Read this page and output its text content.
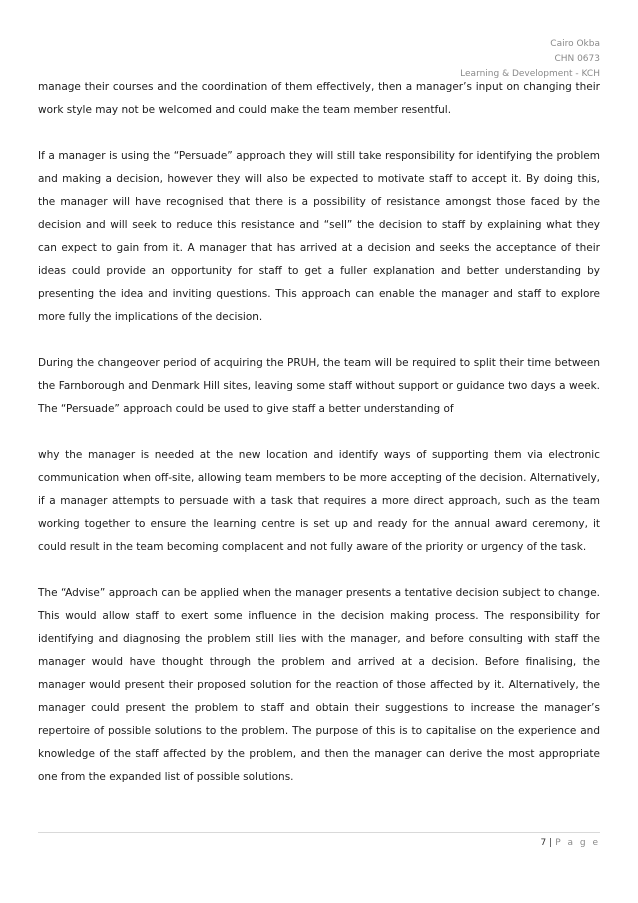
Cairo Okba
CHN 0673
Learning & Development - KCH

manage their courses and the coordination of them effectively, then a manager’s input on changing their work style may not be welcomed and could make the team member resentful.

If a manager is using the “Persuade” approach they will still take responsibility for identifying the problem and making a decision, however they will also be expected to motivate staff to accept it. By doing this, the manager will have recognised that there is a possibility of resistance amongst those faced by the decision and will seek to reduce this resistance and “sell” the decision to staff by explaining what they can expect to gain from it. A manager that has arrived at a decision and seeks the acceptance of their ideas could provide an opportunity for staff to get a fuller explanation and better understanding by presenting the idea and inviting questions. This approach can enable the manager and staff to explore more fully the implications of the decision.

During the changeover period of acquiring the PRUH, the team will be required to split their time between the Farnborough and Denmark Hill sites, leaving some staff without support or guidance two days a week. The “Persuade” approach could be used to give staff a better understanding of

why the manager is needed at the new location and identify ways of supporting them via electronic communication when off-site, allowing team members to be more accepting of the decision. Alternatively, if a manager attempts to persuade with a task that requires a more direct approach, such as the team working together to ensure the learning centre is set up and ready for the annual award ceremony, it could result in the team becoming complacent and not fully aware of the priority or urgency of the task.

The “Advise” approach can be applied when the manager presents a tentative decision subject to change. This would allow staff to exert some influence in the decision making process. The responsibility for identifying and diagnosing the problem still lies with the manager, and before consulting with staff the manager would have thought through the problem and arrived at a decision. Before finalising, the manager would present their proposed solution for the reaction of those affected by it. Alternatively, the manager could present the problem to staff and obtain their suggestions to increase the manager’s repertoire of possible solutions to the problem. The purpose of this is to capitalise on the experience and knowledge of the staff affected by the problem, and then the manager can derive the most appropriate one from the expanded list of possible solutions.

7 | P a g e
